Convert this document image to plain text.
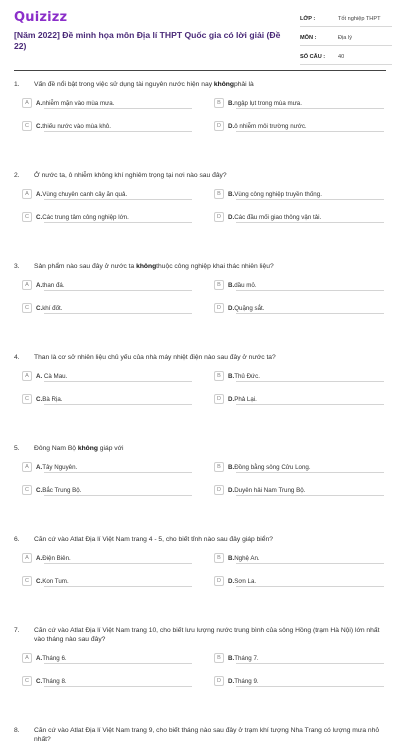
Quizizz
[Năm 2022] Đề minh họa môn Địa lí THPT Quốc gia có lời giải (Đề 22)
LỚP :	Tốt nghiệp THPT
MÔN :	Địa lý
SỐ CÂU :	40
1. Vấn đề nổi bật trong việc sử dụng tài nguyên nước hiện nay khôngphải là
A	A.nhiễm mặn vào mùa mưa.	B	B.ngập lụt trong mùa mưa.
C	C.thiếu nước vào mùa khô.	D	D.ô nhiễm môi trường nước.
2. Ở nước ta, ô nhiễm không khí nghiêm trọng tại nơi nào sau đây?
A	A.Vùng chuyên canh cây ăn quả.	B	B.Vùng công nghiệp truyền thống.
C	C.Các trung tâm công nghiệp lớn.	D	D.Các đầu mối giao thông vận tải.
3. Sản phẩm nào sau đây ở nước ta khôngthuộc công nghiệp khai thác nhiên liệu?
A	A.than đá.	B	B.dầu mỏ.
C	C.khí đốt.	D	D.Quặng sắt.
4. Than là cơ sở nhiên liệu chủ yếu của nhà máy nhiệt điện nào sau đây ở nước ta?
A	A. Cà Mau.	B	B.Thủ Đức.
C	C.Bà Rịa.	D	D.Phả Lại.
5. Đông Nam Bộ không giáp với
A	A.Tây Nguyên.	B	B.Đồng bằng sông Cửu Long.
C	C.Bắc Trung Bộ.	D	D.Duyên hải Nam Trung Bộ.
6. Căn cứ vào Atlat Địa lí Việt Nam trang 4 - 5, cho biết tỉnh nào sau đây giáp biển?
A	A.Điện Biên.	B	B.Nghệ An.
C	C.Kon Tum.	D	D.Sơn La.
7. Căn cứ vào Atlat Địa lí Việt Nam trang 10, cho biết lưu lượng nước trung bình của sông Hồng (trạm Hà Nội) lớn nhất vào tháng nào sau đây?
A	A.Tháng 6.	B	B.Tháng 7.
C	C.Tháng 8.	D	D.Tháng 9.
8. Căn cứ vào Atlat Địa lí Việt Nam trang 9, cho biết tháng nào sau đây ở trạm khí tượng Nha Trang có lượng mưa nhỏ nhất?
